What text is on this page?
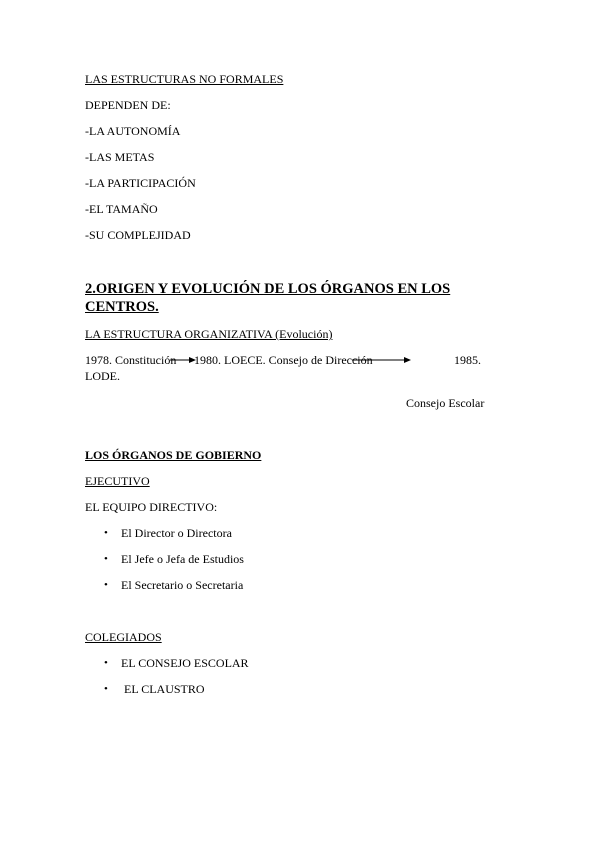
LAS ESTRUCTURAS NO FORMALES
DEPENDEN DE:
-LA AUTONOMÍA
-LAS METAS
-LA PARTICIPACIÓN
-EL TAMAÑO
-SU COMPLEJIDAD
2.ORIGEN Y EVOLUCIÓN DE LOS ÓRGANOS EN LOS CENTROS.
LA ESTRUCTURA ORGANIZATIVA (Evolución)
1978. Constitución 1980. LOECE. Consejo de Dirección	1985.
LODE.
Consejo Escolar
LOS ÓRGANOS DE GOBIERNO
EJECUTIVO
EL EQUIPO DIRECTIVO:
• El Director o Directora
• El Jefe o Jefa de Estudios
• El Secretario o Secretaria
COLEGIADOS
• EL CONSEJO ESCOLAR
• EL CLAUSTRO
